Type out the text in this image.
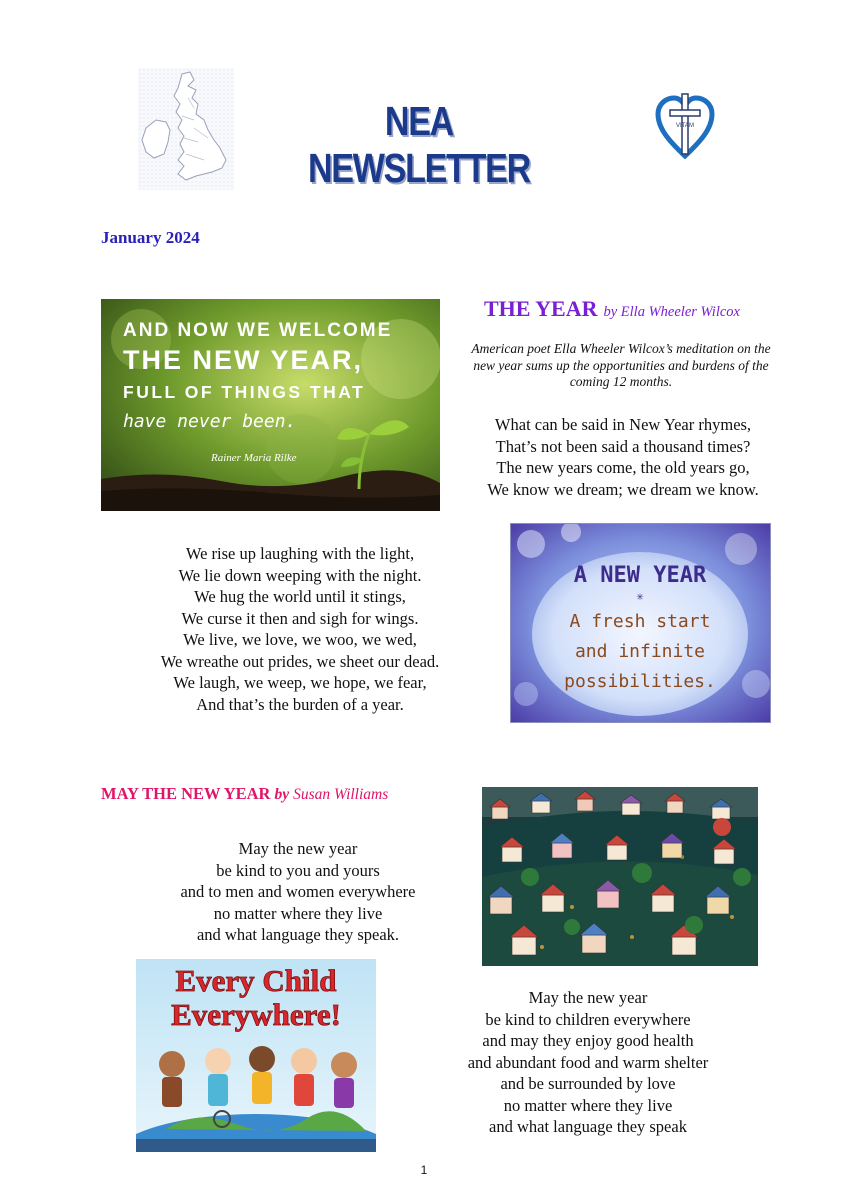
NEA NEWSLETTER
VITAM
January 2024
AND NOW WE WELCOME
THE NEW YEAR,
FULL OF THINGS THAT
have never been.
Rainer Maria Rilke
THE YEAR by Ella Wheeler Wilcox
American poet Ella Wheeler Wilcox’s meditation on the new year sums up the opportunities and burdens of the coming 12 months.
What can be said in New Year rhymes,
That’s not been said a thousand times?
The new years come, the old years go,
We know we dream; we dream we know.
A NEW YEAR
✳
A fresh start
and infinite
possibilities.
We rise up laughing with the light,
We lie down weeping with the night.
We hug the world until it stings,
We curse it then and sigh for wings.
We live, we love, we woo, we wed,
We wreathe out prides, we sheet our dead.
We laugh, we weep, we hope, we fear,
And that’s the burden of a year.
MAY THE NEW YEAR by Susan Williams
May the new year
be kind to you and yours
and to men and women everywhere
no matter where they live
and what language they speak.
Every Child
Everywhere!	May the new year
be kind to children everywhere
and may they enjoy good health
and abundant food and warm shelter
and be surrounded by love
no matter where they live
and what language they speak
1
